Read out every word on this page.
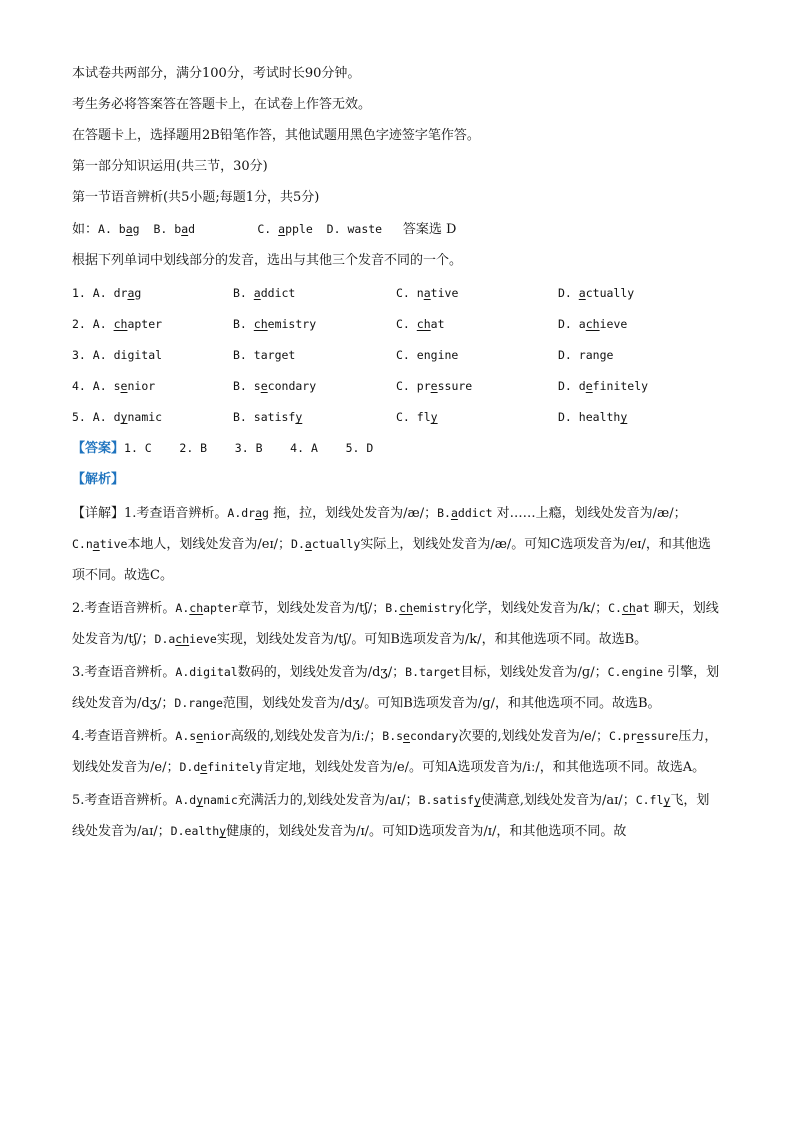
本试卷共两部分，满分100分，考试时长90分钟。
考生务必将答案答在答题卡上，在试卷上作答无效。
在答题卡上，选择题用2B铅笔作答，其他试题用黑色字迹签字笔作答。
第一部分知识运用(共三节，30分)
第一节语音辨析(共5小题;每题1分，共5分)
如：A. bag B. bad	C. apple D. waste 答案选 D
根据下列单词中划线部分的发音，选出与其他三个发音不同的一个。
1. A. drag	B. addict	C. native	D. actually
2. A. chapter	B. chemistry	C. chat	D. achieve
3. A. digital	B. target	C. engine	D. range
4. A. senior	B. secondary	C. pressure	D. definitely
5. A. dynamic	B. satisfy	C. fly	D. healthy
【答案】1. C    2. B    3. B    4. A    5. D
【解析】
【详解】1.考查语音辨析。A.drag 拖，拉，划线处发音为/æ/；B.addict 对……上瘾，划线处发音为/æ/；C.native本地人，划线处发音为/eɪ/；D.actually实际上，划线处发音为/æ/。可知C选项发音为/eɪ/，和其他选项不同。故选C。
2.考查语音辨析。A.chapter章节，划线处发音为/tʃ/；B.chemistry化学，划线处发音为/k/；C.chat 聊天，划线处发音为/tʃ/；D.achieve实现，划线处发音为/tʃ/。可知B选项发音为/k/，和其他选项不同。故选B。
3.考查语音辨析。A.digital数码的，划线处发音为/dʒ/；B.target目标，划线处发音为/ɡ/；C.engine 引擎，划线处发音为/dʒ/；D.range范围，划线处发音为/dʒ/。可知B选项发音为/ɡ/，和其他选项不同。故选B。
4.考查语音辨析。A.senior高级的,划线处发音为/iː/；B.secondary次要的,划线处发音为/e/；C.pressure压力，划线处发音为/e/；D.definitely肯定地，划线处发音为/e/。可知A选项发音为/iː/，和其他选项不同。故选A。
5.考查语音辨析。A.dynamic充满活力的,划线处发音为/aɪ/；B.satisfy使满意,划线处发音为/aɪ/；C.fly飞，划线处发音为/aɪ/；D.ealthy健康的，划线处发音为/ɪ/。可知D选项发音为/ɪ/，和其他选项不同。故
